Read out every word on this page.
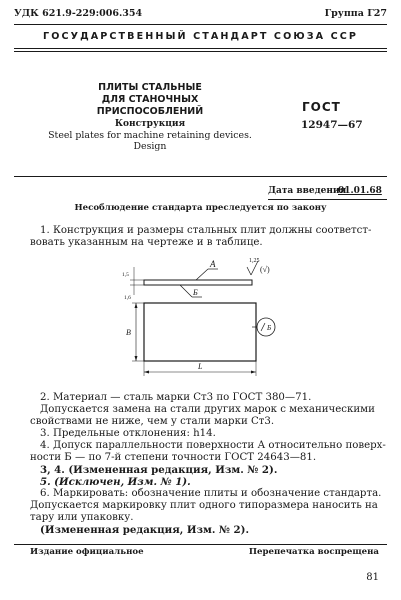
УДК 621.9-229:006.354	Группа Г27
ГОСУДАРСТВЕННЫЙ СТАНДАРТ СОЮЗА ССР
ПЛИТЫ СТАЛЬНЫЕ
ДЛЯ СТАНОЧНЫХ
ПРИСПОСОБЛЕНИЙ
Конструкция
Steel plates for machine retaining devices.
Design
ГОСТ
12947—67
Дата введения
01.01.68
Несоблюдение стандарта преследуется по закону

1. Конструкция и размеры стальных плит должны соответст-

вовать указанным на чертеже и в таблице.

А
Б
В
L
1,25
(√)
Б
1,5
1,6

2. Материал — сталь марки Ст3 по ГОСТ 380—71.

Допускается замена на стали других марок с механическими

свойствами не ниже, чем у стали марки Ст3.

3. Предельные отклонения: h14.

4. Допуск параллельности поверхности А относительно поверх-

ности Б — по 7-й степени точности ГОСТ 24643—81.

3, 4. (Измененная редакция, Изм. № 2).

5. (Исключен, Изм. № 1).

6. Маркировать: обозначение плиты и обозначение стандарта.

Допускается маркировку плит одного типоразмера наносить на

тару или упаковку.

(Измененная редакция, Изм. № 2).

Издание официальное	Перепечатка воспрещена
81
